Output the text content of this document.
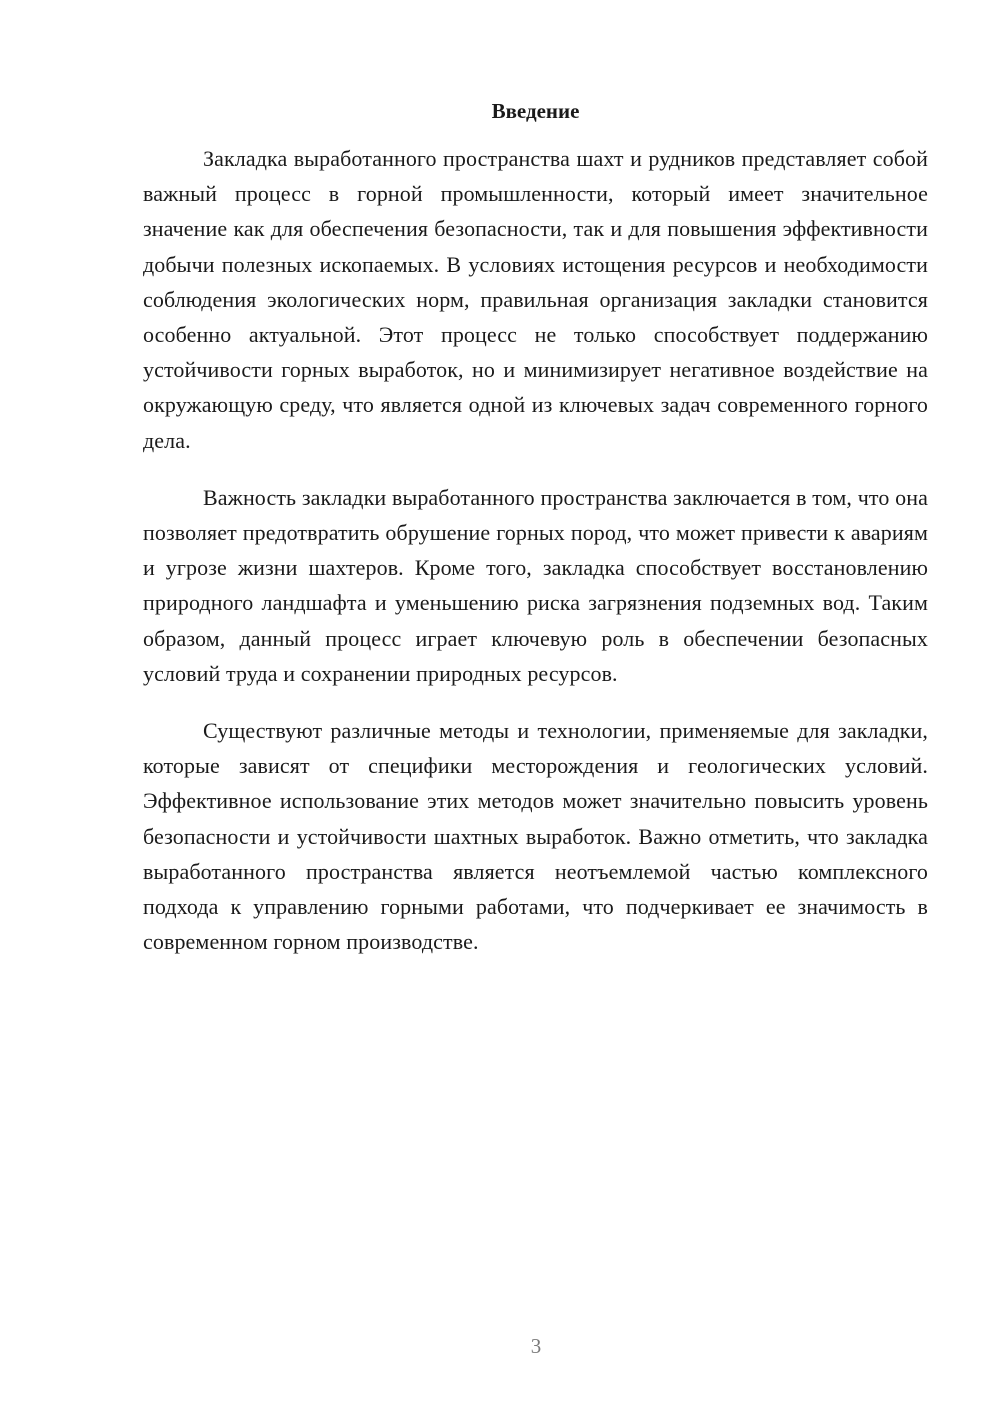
Введение

Закладка выработанного пространства шахт и рудников представляет собой важный процесс в горной промышленности, который имеет значительное значение как для обеспечения безопасности, так и для повышения эффективности добычи полезных ископаемых. В условиях истощения ресурсов и необходимости соблюдения экологических норм, правильная организация закладки становится особенно актуальной. Этот процесс не только способствует поддержанию устойчивости горных выработок, но и минимизирует негативное воздействие на окружающую среду, что является одной из ключевых задач современного горного дела.

Важность закладки выработанного пространства заключается в том, что она позволяет предотвратить обрушение горных пород, что может привести к авариям и угрозе жизни шахтеров. Кроме того, закладка способствует восстановлению природного ландшафта и уменьшению риска загрязнения подземных вод. Таким образом, данный процесс играет ключевую роль в обеспечении безопасных условий труда и сохранении природных ресурсов.

Существуют различные методы и технологии, применяемые для закладки, которые зависят от специфики месторождения и геологических условий. Эффективное использование этих методов может значительно повысить уровень безопасности и устойчивости шахтных выработок. Важно отметить, что закладка выработанного пространства является неотъемлемой частью комплексного подхода к управлению горными работами, что подчеркивает ее значимость в современном горном производстве.

3
